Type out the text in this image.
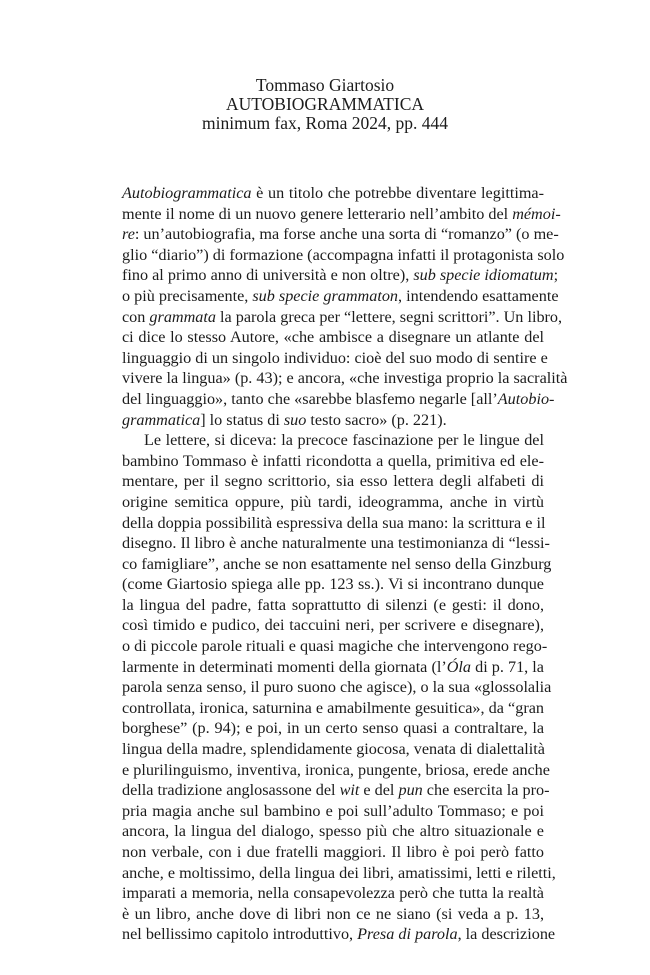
Tommaso Giartosio
AUTOBIOGRAMMATICA
minimum fax, Roma 2024, pp. 444
Autobiogrammatica è un titolo che potrebbe diventare legittima-
mente il nome di un nuovo genere letterario nell’ambito del mémoi-
re: un’autobiografia, ma forse anche una sorta di “romanzo” (o me-
glio “diario”) di formazione (accompagna infatti il protagonista solo
fino al primo anno di università e non oltre), sub specie idiomatum;
o più precisamente, sub specie grammaton, intendendo esattamente
con grammata la parola greca per “lettere, segni scrittori”. Un libro,
ci dice lo stesso Autore, «che ambisce a disegnare un atlante del
linguaggio di un singolo individuo: cioè del suo modo di sentire e
vivere la lingua» (p. 43); e ancora, «che investiga proprio la sacralità
del linguaggio», tanto che «sarebbe blasfemo negarle [all’Autobio-
grammatica] lo status di suo testo sacro» (p. 221).
Le lettere, si diceva: la precoce fascinazione per le lingue del
bambino Tommaso è infatti ricondotta a quella, primitiva ed ele-
mentare, per il segno scrittorio, sia esso lettera degli alfabeti di
origine semitica oppure, più tardi, ideogramma, anche in virtù
della doppia possibilità espressiva della sua mano: la scrittura e il
disegno. Il libro è anche naturalmente una testimonianza di “lessi-
co famigliare”, anche se non esattamente nel senso della Ginzburg
(come Giartosio spiega alle pp. 123 ss.). Vi si incontrano dunque
la lingua del padre, fatta soprattutto di silenzi (e gesti: il dono,
così timido e pudico, dei taccuini neri, per scrivere e disegnare),
o di piccole parole rituali e quasi magiche che intervengono rego-
larmente in determinati momenti della giornata (l’Óla di p. 71, la
parola senza senso, il puro suono che agisce), o la sua «glossolalia
controllata, ironica, saturnina e amabilmente gesuitica», da “gran
borghese” (p. 94); e poi, in un certo senso quasi a contraltare, la
lingua della madre, splendidamente giocosa, venata di dialettalità
e plurilinguismo, inventiva, ironica, pungente, briosa, erede anche
della tradizione anglosassone del wit e del pun che esercita la pro-
pria magia anche sul bambino e poi sull’adulto Tommaso; e poi
ancora, la lingua del dialogo, spesso più che altro situazionale e
non verbale, con i due fratelli maggiori. Il libro è poi però fatto
anche, e moltissimo, della lingua dei libri, amatissimi, letti e riletti,
imparati a memoria, nella consapevolezza però che tutta la realtà
è un libro, anche dove di libri non ce ne siano (si veda a p. 13,
nel bellissimo capitolo introduttivo, Presa di parola, la descrizione
